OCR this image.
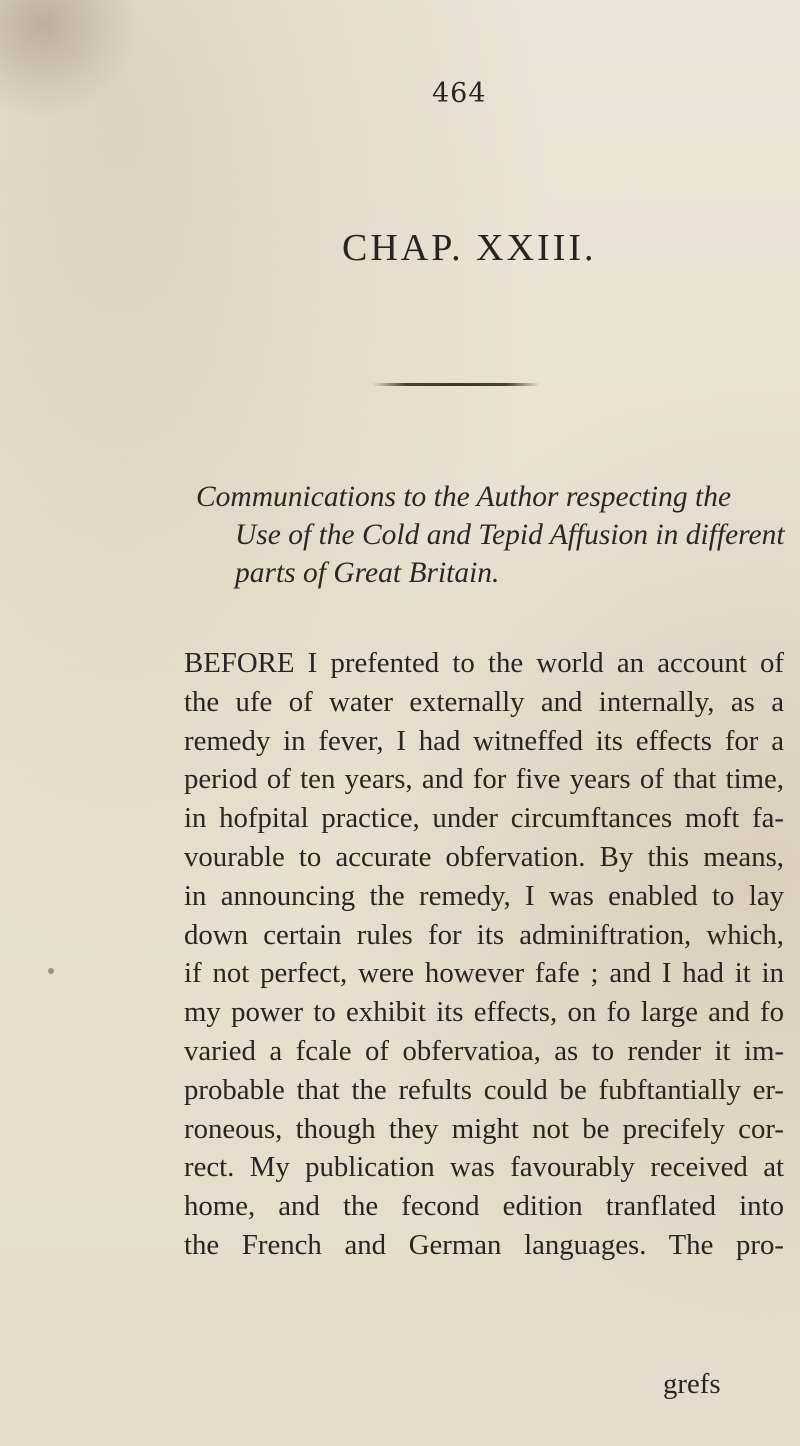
464
CHAP. XXIII.
Communications to the Author respecting the
Use of the Cold and Tepid Affusion in different
parts of Great Britain.
BEFORE I prefented to the world an account of
the ufe of water externally and internally, as a
remedy in fever, I had witneffed its effects for a
period of ten years, and for five years of that time,
in hofpital practice, under circumftances moft fa-
vourable to accurate obfervation. By this means,
in announcing the remedy, I was enabled to lay
down certain rules for its adminiftration, which,
if not perfect, were however fafe ; and I had it in
my power to exhibit its effects, on fo large and fo
varied a fcale of obfervatioa, as to render it im-
probable that the refults could be fubftantially er-
roneous, though they might not be precifely cor-
rect. My publication was favourably received at
home, and the fecond edition tranflated into
the French and German languages. The pro-
grefs
